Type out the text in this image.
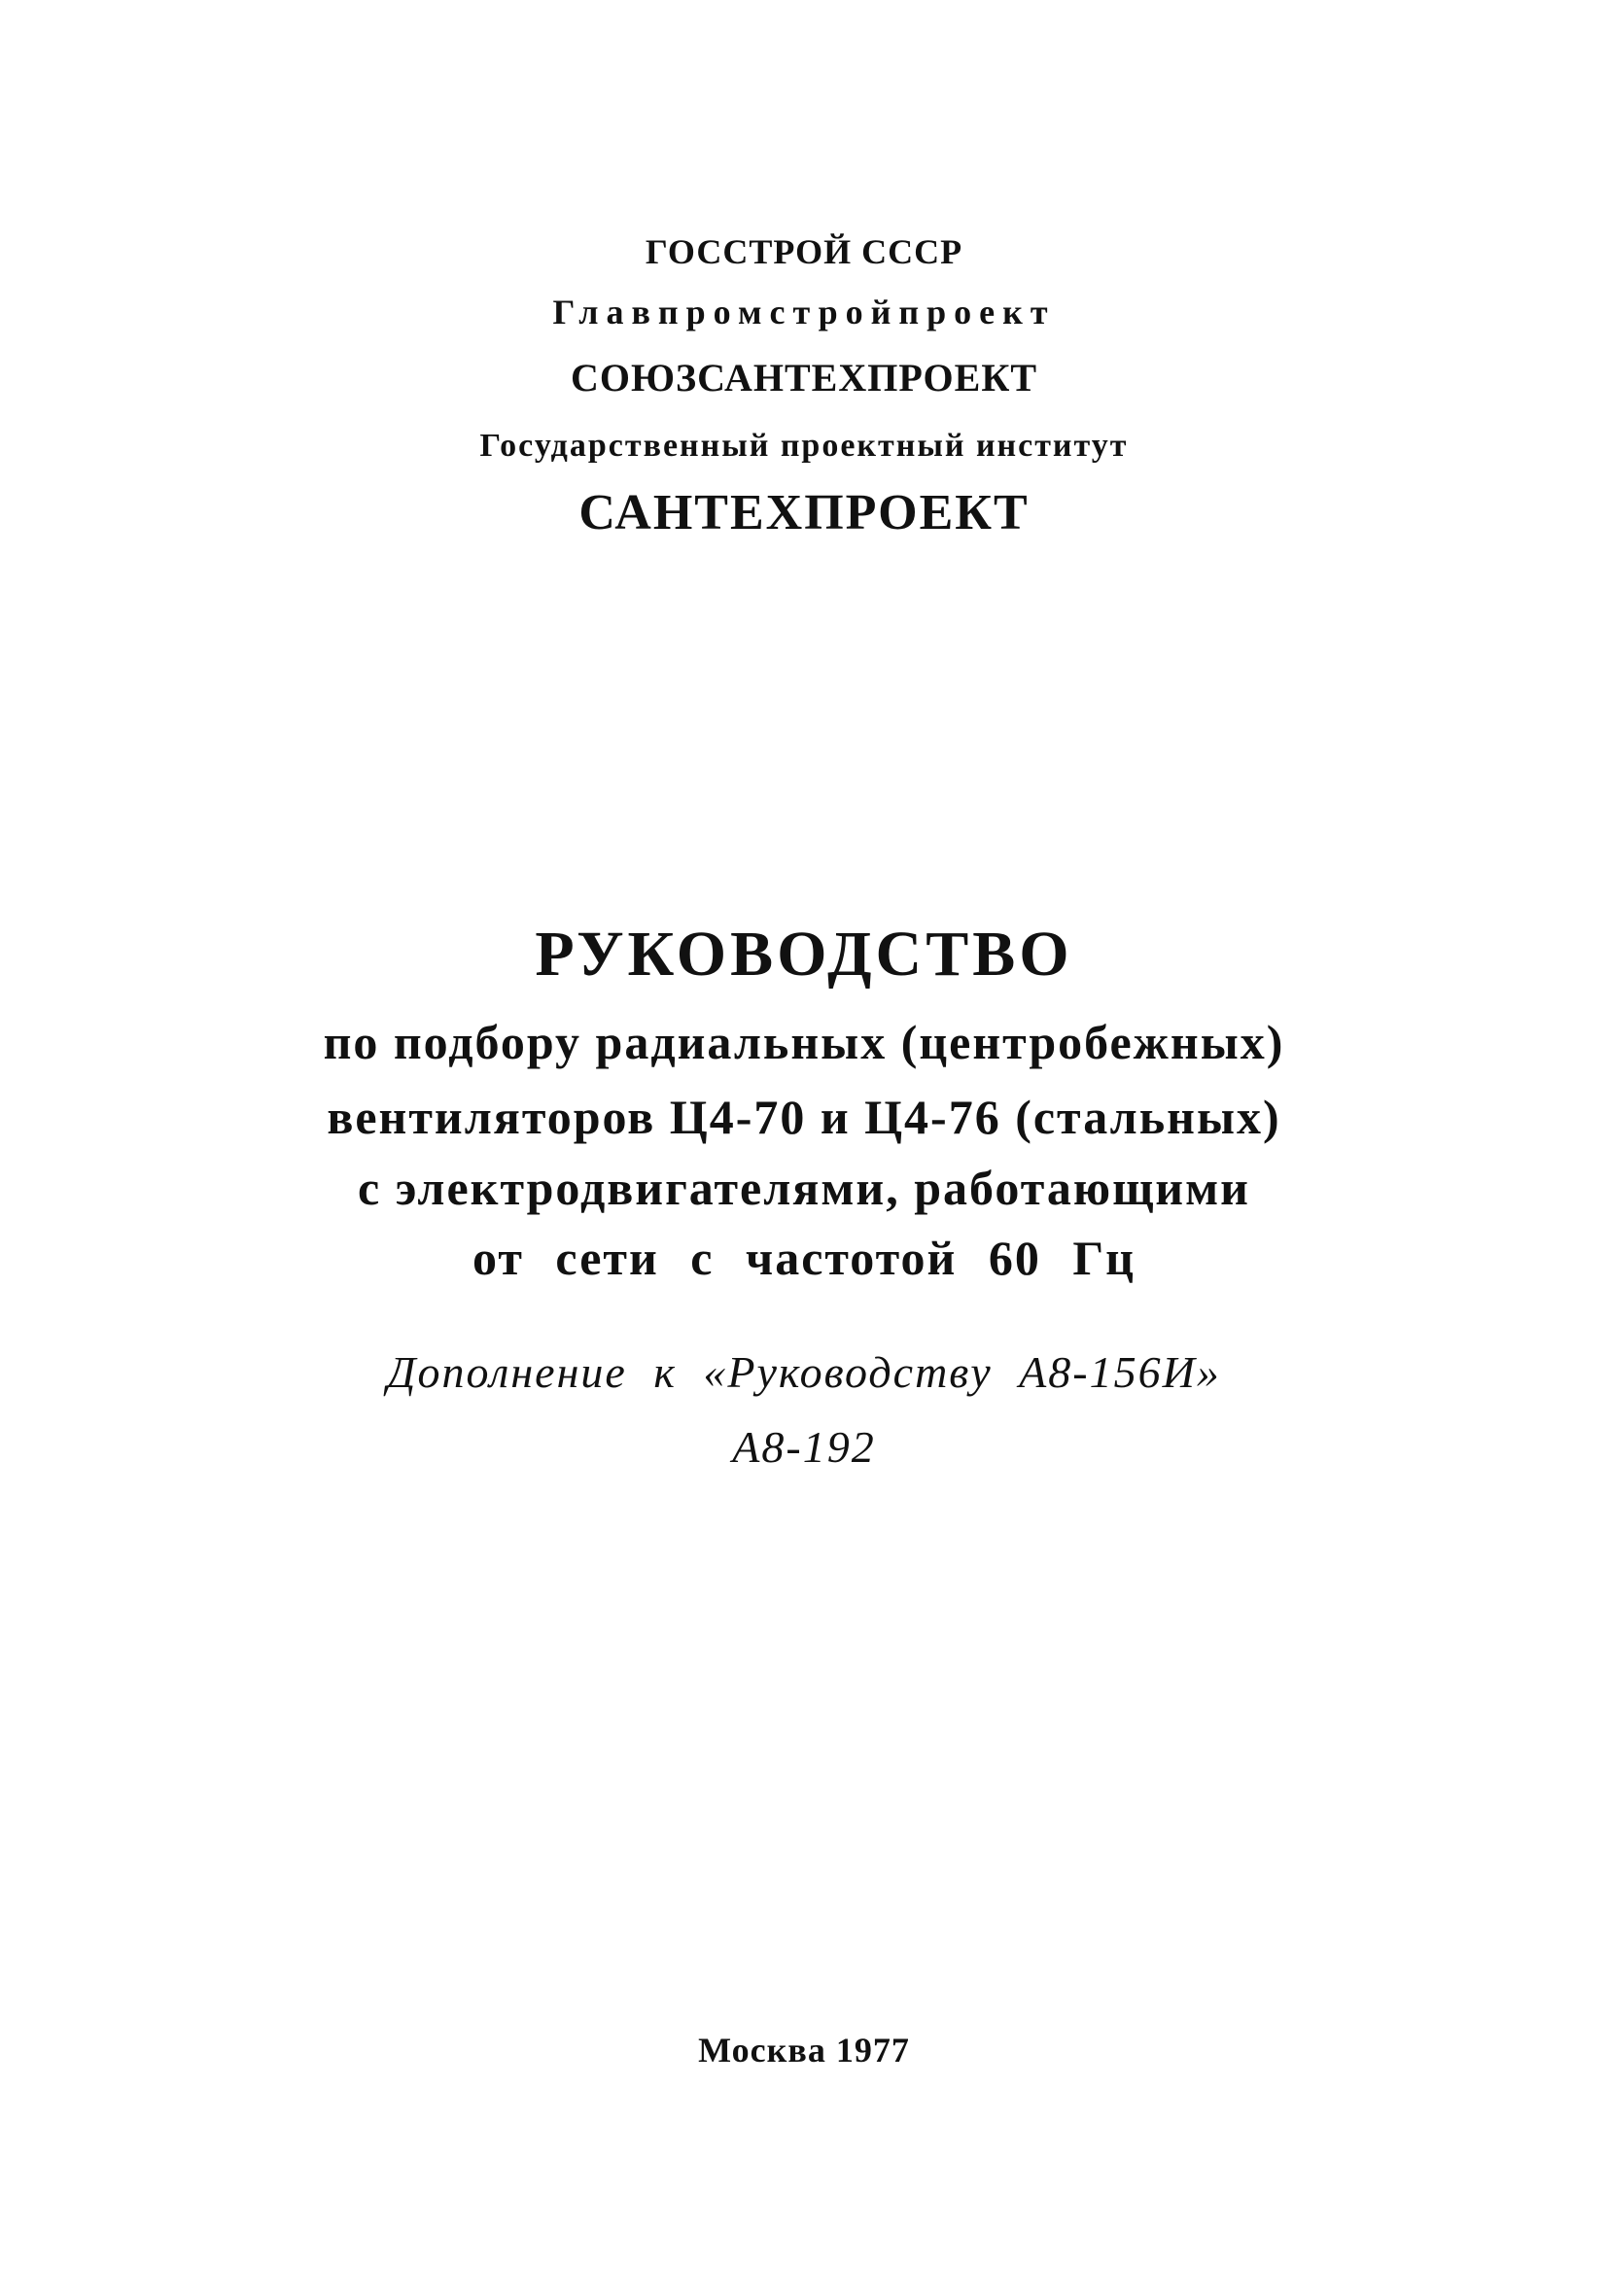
ГОССТРОЙ СССР
Главпромстройпроект
СОЮЗСАНТЕХПРОЕКТ
Государственный проектный институт
САНТЕХПРОЕКТ
РУКОВОДСТВО
по подбору радиальных (центробежных)
вентиляторов Ц4-70 и Ц4-76 (стальных)
с электродвигателями, работающими
от сети с частотой 60 Гц
Дополнение к «Руководству А8-156И»
А8-192
Москва 1977
